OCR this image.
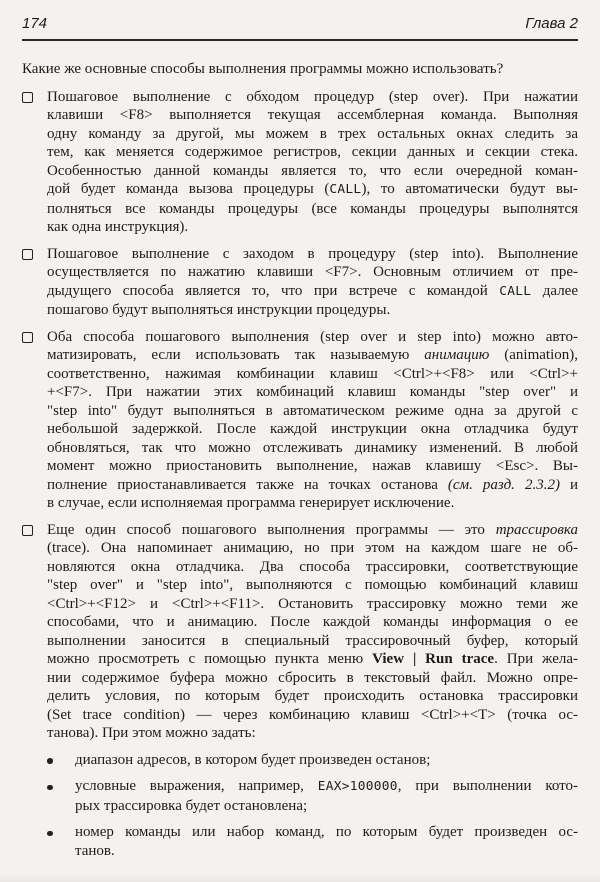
174	Глава 2
Какие же основные способы выполнения программы можно использовать?
Пошаговое выполнение с обходом процедур (step over). При нажатии
клавиши <F8> выполняется текущая ассемблерная команда. Выполняя
одну команду за другой, мы можем в трех остальных окнах следить за
тем, как меняется содержимое регистров, секции данных и секции стека.
Особенностью данной команды является то, что если очередной коман-
дой будет команда вызова процедуры (CALL), то автоматически будут вы-
полняться все команды процедуры (все команды процедуры выполнятся
как одна инструкция).
Пошаговое выполнение с заходом в процедуру (step into). Выполнение
осуществляется по нажатию клавиши <F7>. Основным отличием от пре-
дыдущего способа является то, что при встрече с командой CALL далее
пошагово будут выполняться инструкции процедуры.
Оба способа пошагового выполнения (step over и step into) можно авто-
матизировать, если использовать так называемую анимацию (animation),
соответственно, нажимая комбинации клавиш <Ctrl>+<F8> или <Ctrl>+
+<F7>. При нажатии этих комбинаций клавиш команды "step over" и
"step into" будут выполняться в автоматическом режиме одна за другой с
небольшой задержкой. После каждой инструкции окна отладчика будут
обновляться, так что можно отслеживать динамику изменений. В любой
момент можно приостановить выполнение, нажав клавишу <Esc>. Вы-
полнение приостанавливается также на точках останова (см. разд. 2.3.2) и
в случае, если исполняемая программа генерирует исключение.
Еще один способ пошагового выполнения программы — это трассировка
(trace). Она напоминает анимацию, но при этом на каждом шаге не об-
новляются окна отладчика. Два способа трассировки, соответствующие
"step over" и "step into", выполняются с помощью комбинаций клавиш
<Ctrl>+<F12> и <Ctrl>+<F11>. Остановить трассировку можно теми же
способами, что и анимацию. После каждой команды информация о ее
выполнении заносится в специальный трассировочный буфер, который
можно просмотреть с помощью пункта меню View | Run trace. При жела-
нии содержимое буфера можно сбросить в текстовый файл. Можно опре-
делить условия, по которым будет происходить остановка трассировки
(Set trace condition) — через комбинацию клавиш <Ctrl>+<T> (точка ос-
танова). При этом можно задать:
диапазон адресов, в котором будет произведен останов;
условные выражения, например, EAX>100000, при выполнении кото-
рых трассировка будет остановлена;
номер команды или набор команд, по которым будет произведен ос-
танов.
